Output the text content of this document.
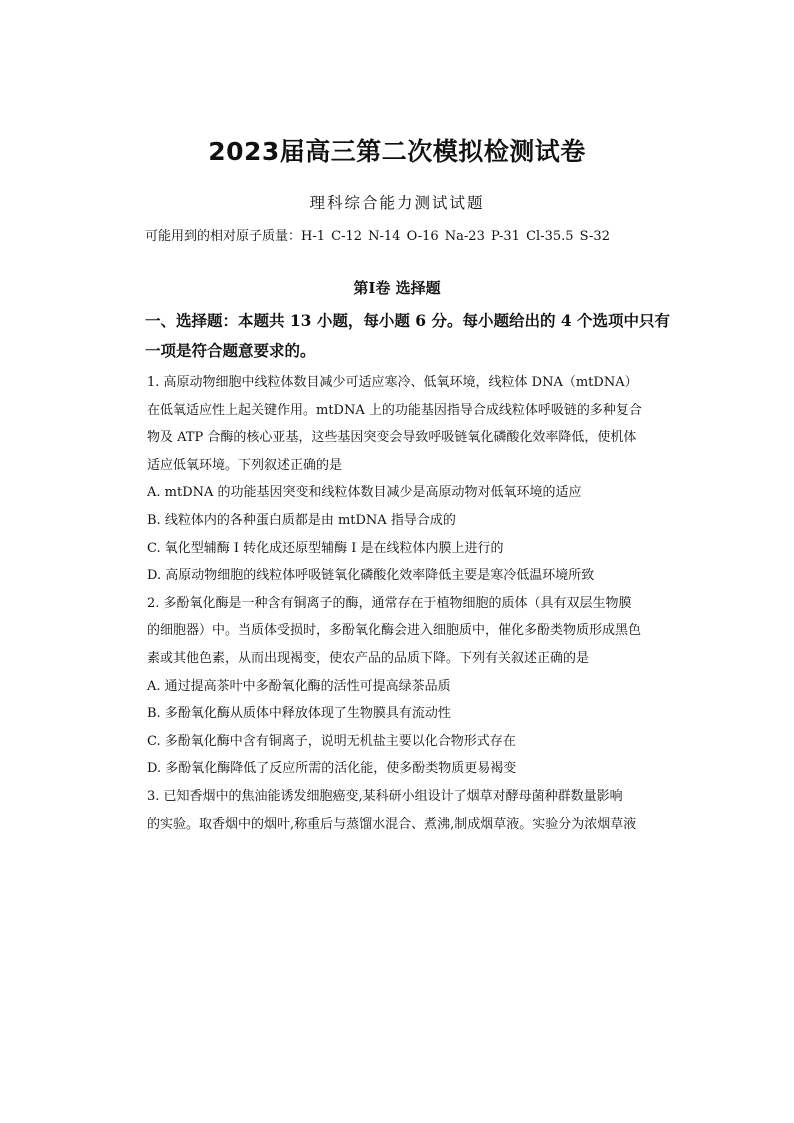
2023届高三第二次模拟检测试卷
理科综合能力测试试题
可能用到的相对原子质量：H-1 C-12 N-14 O-16 Na-23 P-31 Cl-35.5 S-32
第I卷 选择题
一、选择题：本题共 13 小题，每小题 6 分。每小题给出的 4 个选项中只有
一项是符合题意要求的。
1. 高原动物细胞中线粒体数目减少可适应寒冷、低氧环境，线粒体 DNA（mtDNA）
在低氧适应性上起关键作用。mtDNA 上的功能基因指导合成线粒体呼吸链的多种复合
物及 ATP 合酶的核心亚基，这些基因突变会导致呼吸链氧化磷酸化效率降低，使机体
适应低氧环境。下列叙述正确的是
A. mtDNA 的功能基因突变和线粒体数目减少是高原动物对低氧环境的适应
B. 线粒体内的各种蛋白质都是由 mtDNA 指导合成的
C. 氧化型辅酶 I 转化成还原型辅酶 I 是在线粒体内膜上进行的
D. 高原动物细胞的线粒体呼吸链氧化磷酸化效率降低主要是寒冷低温环境所致
2. 多酚氧化酶是一种含有铜离子的酶，通常存在于植物细胞的质体（具有双层生物膜
的细胞器）中。当质体受损时，多酚氧化酶会进入细胞质中，催化多酚类物质形成黑色
素或其他色素，从而出现褐变，使农产品的品质下降。下列有关叙述正确的是
A. 通过提高茶叶中多酚氧化酶的活性可提高绿茶品质
B. 多酚氧化酶从质体中释放体现了生物膜具有流动性
C. 多酚氧化酶中含有铜离子，说明无机盐主要以化合物形式存在
D. 多酚氧化酶降低了反应所需的活化能，使多酚类物质更易褐变
3. 已知香烟中的焦油能诱发细胞癌变,某科研小组设计了烟草对酵母菌种群数量影响
的实验。取香烟中的烟叶,称重后与蒸馏水混合、煮沸,制成烟草液。实验分为浓烟草液
